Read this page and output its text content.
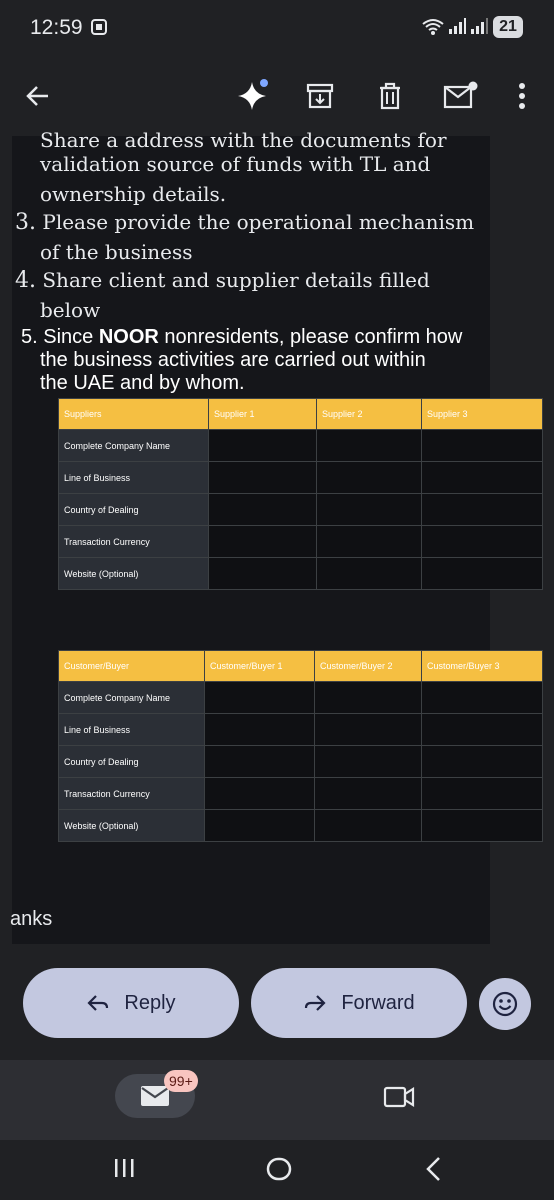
12:59	21
Share a address with the documents for
validation source of funds with TL and
ownership details.
3. Please provide the operational mechanism
of the business
4. Share client and supplier details filled
below
5. Since NOOR nonresidents, please confirm how
the business activities are carried out within
the UAE and by whom.
Suppliers	Supplier 1	Supplier 2	Supplier 3
Complete Company Name			
Line of Business			
Country of Dealing			
Transaction Currency			
Website (Optional)			
Customer/Buyer	Customer/Buyer 1	Customer/Buyer 2	Customer/Buyer 3
Complete Company Name			
Line of Business			
Country of Dealing			
Transaction Currency			
Website (Optional)			
anks
Reply	Forward
99+
